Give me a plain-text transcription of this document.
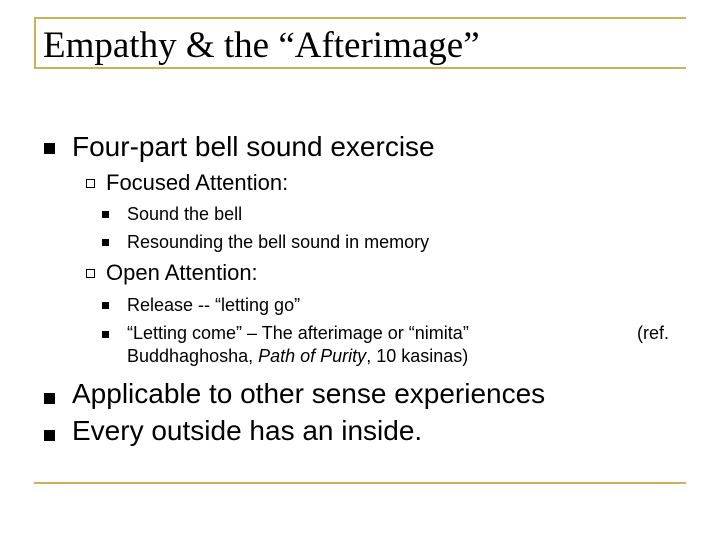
Empathy & the “Afterimage”
Four-part bell sound exercise
Focused Attention:
Sound the bell
Resounding the bell sound in memory
Open Attention:
Release -- “letting go”
“Letting come” – The afterimage or “nimita”	(ref.
Buddhaghosha, Path of Purity, 10 kasinas)
Applicable to other sense experiences
Every outside has an inside.
